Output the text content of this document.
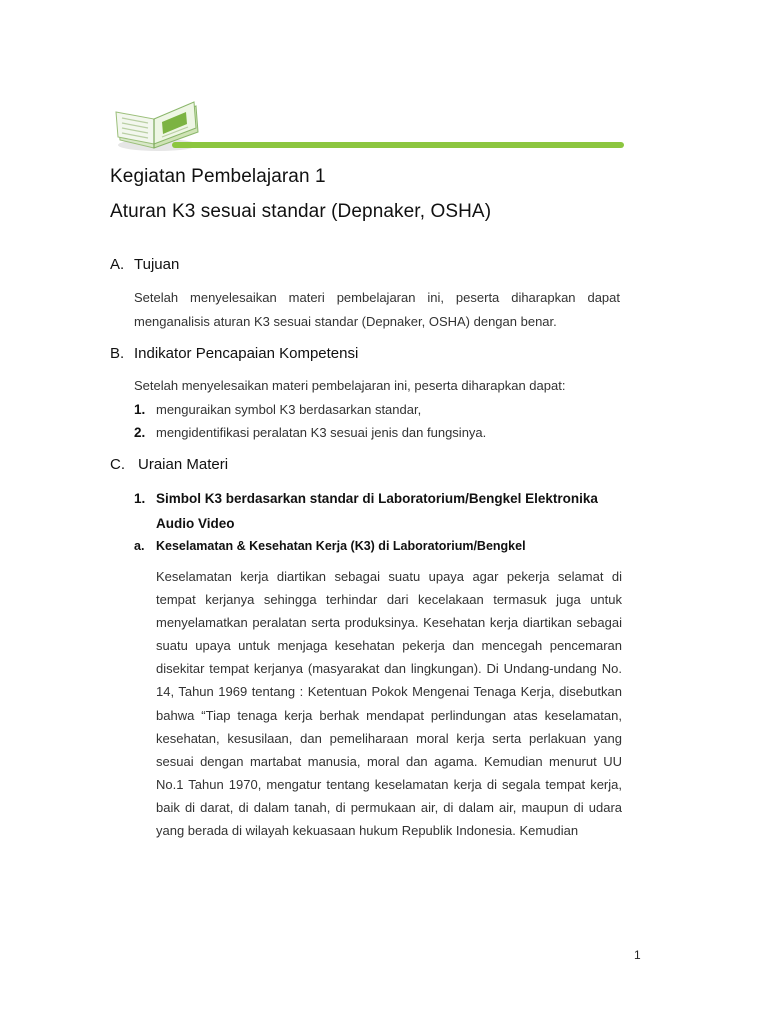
Kegiatan Pembelajaran 1
Aturan K3 sesuai standar (Depnaker, OSHA)
A. Tujuan

Setelah menyelesaikan materi pembelajaran ini, peserta diharapkan dapat menganalisis aturan K3 sesuai standar (Depnaker, OSHA) dengan benar.

B. Indikator Pencapaian Kompetensi

Setelah menyelesaikan materi pembelajaran ini, peserta diharapkan dapat:

1. menguraikan symbol K3 berdasarkan standar,
2. mengidentifikasi peralatan K3 sesuai jenis dan fungsinya.
C. Uraian Materi
1. Simbol K3 berdasarkan standar di Laboratorium/Bengkel Elektronika Audio Video
a. Keselamatan & Kesehatan Kerja (K3) di Laboratorium/Bengkel

Keselamatan kerja diartikan sebagai suatu upaya agar pekerja selamat di tempat kerjanya sehingga terhindar dari kecelakaan termasuk juga untuk menyelamatkan peralatan serta produksinya. Kesehatan kerja diartikan sebagai suatu upaya untuk menjaga kesehatan pekerja dan mencegah pencemaran disekitar tempat kerjanya (masyarakat dan lingkungan). Di Undang-undang No. 14, Tahun 1969 tentang : Ketentuan Pokok Mengenai Tenaga Kerja, disebutkan bahwa “Tiap tenaga kerja berhak mendapat perlindungan atas keselamatan, kesehatan, kesusilaan, dan pemeliharaan moral kerja serta perlakuan yang sesuai dengan martabat manusia, moral dan agama. Kemudian menurut UU No.1 Tahun 1970, mengatur tentang keselamatan kerja di segala tempat kerja, baik di darat, di dalam tanah, di permukaan air, di dalam air, maupun di udara yang berada di wilayah kekuasaan hukum Republik Indonesia. Kemudian

1
